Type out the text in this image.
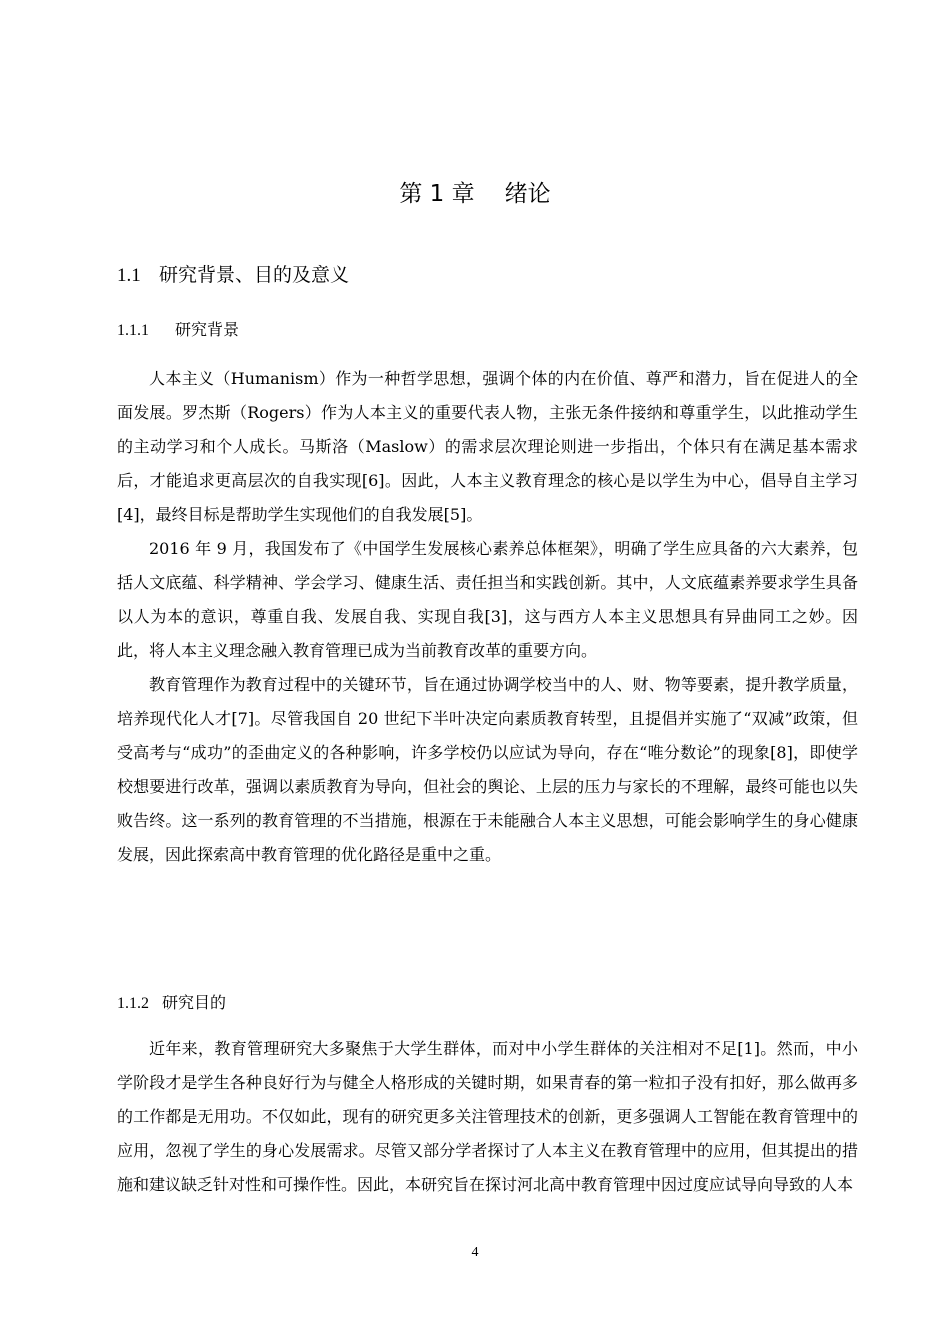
第 1 章 绪论
1.1 研究背景、目的及意义
1.1.1 研究背景

人本主义（Humanism）作为一种哲学思想，强调个体的内在价值、尊严和潜力，旨在促进人的全面发展。罗杰斯（Rogers）作为人本主义的重要代表人物，主张无条件接纳和尊重学生，以此推动学生的主动学习和个人成长。马斯洛（Maslow）的需求层次理论则进一步指出，个体只有在满足基本需求后，才能追求更高层次的自我实现[6]。因此，人本主义教育理念的核心是以学生为中心，倡导自主学习[4]，最终目标是帮助学生实现他们的自我发展[5]。

2016 年 9 月，我国发布了《中国学生发展核心素养总体框架》，明确了学生应具备的六大素养，包括人文底蕴、科学精神、学会学习、健康生活、责任担当和实践创新。其中，人文底蕴素养要求学生具备以人为本的意识，尊重自我、发展自我、实现自我[3]，这与西方人本主义思想具有异曲同工之妙。因此，将人本主义理念融入教育管理已成为当前教育改革的重要方向。

教育管理作为教育过程中的关键环节，旨在通过协调学校当中的人、财、物等要素，提升教学质量，培养现代化人才[7]。尽管我国自 20 世纪下半叶决定向素质教育转型，且提倡并实施了“双减”政策，但受高考与“成功”的歪曲定义的各种影响，许多学校仍以应试为导向，存在“唯分数论”的现象[8]，即使学校想要进行改革，强调以素质教育为导向，但社会的舆论、上层的压力与家长的不理解，最终可能也以失败告终。这一系列的教育管理的不当措施，根源在于未能融合人本主义思想，可能会影响学生的身心健康发展，因此探索高中教育管理的优化路径是重中之重。

1.1.2 研究目的

近年来，教育管理研究大多聚焦于大学生群体，而对中小学生群体的关注相对不足[1]。然而，中小学阶段才是学生各种良好行为与健全人格形成的关键时期，如果青春的第一粒扣子没有扣好，那么做再多的工作都是无用功。不仅如此，现有的研究更多关注管理技术的创新，更多强调人工智能在教育管理中的应用，忽视了学生的身心发展需求。尽管又部分学者探讨了人本主义在教育管理中的应用，但其提出的措施和建议缺乏针对性和可操作性。因此，本研究旨在探讨河北高中教育管理中因过度应试导向导致的人本

4
